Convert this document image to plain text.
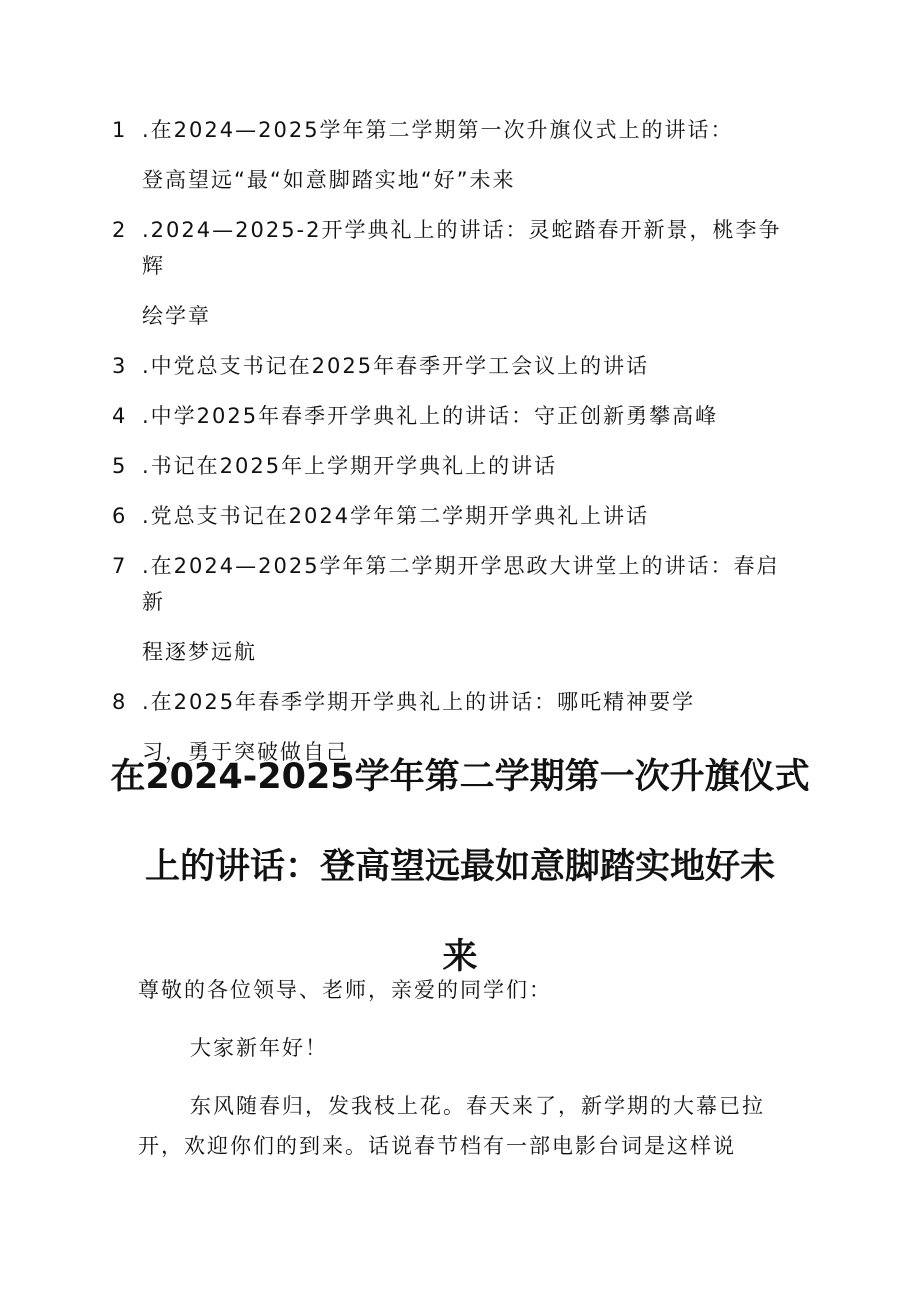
1 .在2024—2025学年第二学期第一次升旗仪式上的讲话：
登高望远“最“如意脚踏实地“好”未来
2 .2024—2025-2开学典礼上的讲话：灵蛇踏春开新景，桃李争辉
绘学章
3 .中党总支书记在2025年春季开学工会议上的讲话
4 .中学2025年春季开学典礼上的讲话：守正创新勇攀高峰
5 .书记在2025年上学期开学典礼上的讲话
6 .党总支书记在2024学年第二学期开学典礼上讲话
7 .在2024—2025学年第二学期开学思政大讲堂上的讲话：春启新
程逐梦远航
8 .在2025年春季学期开学典礼上的讲话：哪吒精神要学
习，勇于突破做自己
在2024-2025学年第二学期第一次升旗仪式
上的讲话：登高望远最如意脚踏实地好未
来

尊敬的各位领导、老师，亲爱的同学们：

大家新年好！

东风随春归，发我枝上花。春天来了，新学期的大幕已拉
开，欢迎你们的到来。话说春节档有一部电影台词是这样说
